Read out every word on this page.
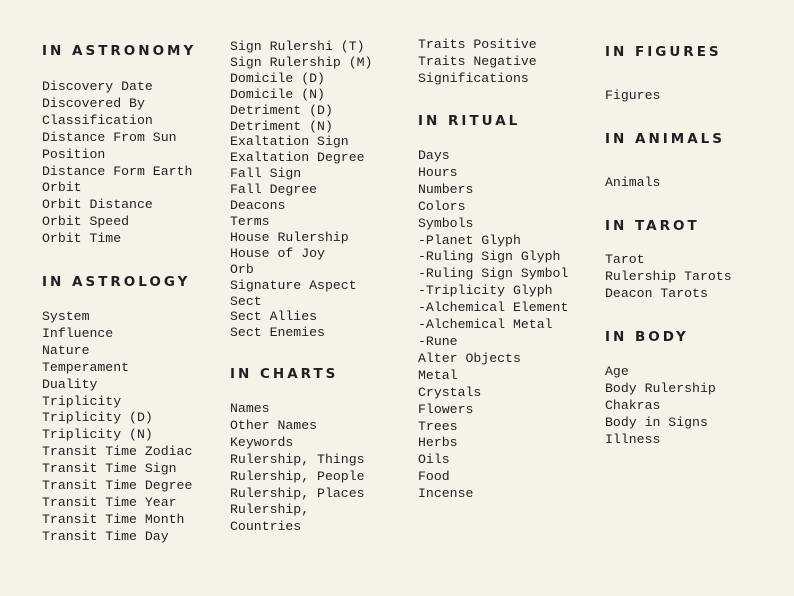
IN ASTRONOMY
Discovery Date
Discovered By
Classification
Distance From Sun
Position
Distance Form Earth
Orbit
Orbit Distance
Orbit Speed
Orbit Time
IN ASTROLOGY
System
Influence
Nature
Temperament
Duality
Triplicity
Triplicity (D)
Triplicity (N)
Transit Time Zodiac
Transit Time Sign
Transit Time Degree
Transit Time Year
Transit Time Month
Transit Time Day
Sign Rulershi (T)
Sign Rulership (M)
Domicile (D)
Domicile (N)
Detriment (D)
Detriment (N)
Exaltation Sign
Exaltation Degree
Fall Sign
Fall Degree
Deacons
Terms
House Rulership
House of Joy
Orb
Signature Aspect
Sect
Sect Allies
Sect Enemies
IN CHARTS
Names
Other Names
Keywords
Rulership, Things
Rulership, People
Rulership, Places
Rulership,
Countries
Traits Positive
Traits Negative
Significations
IN RITUAL
Days
Hours
Numbers
Colors
Symbols
-Planet Glyph
-Ruling Sign Glyph
-Ruling Sign Symbol
-Triplicity Glyph
-Alchemical Element
-Alchemical Metal
-Rune
Alter Objects
Metal
Crystals
Flowers
Trees
Herbs
Oils
Food
Incense
IN FIGURES
Figures
IN ANIMALS
Animals
IN TAROT
Tarot
Rulership Tarots
Deacon Tarots
IN BODY
Age
Body Rulership
Chakras
Body in Signs
Illness
